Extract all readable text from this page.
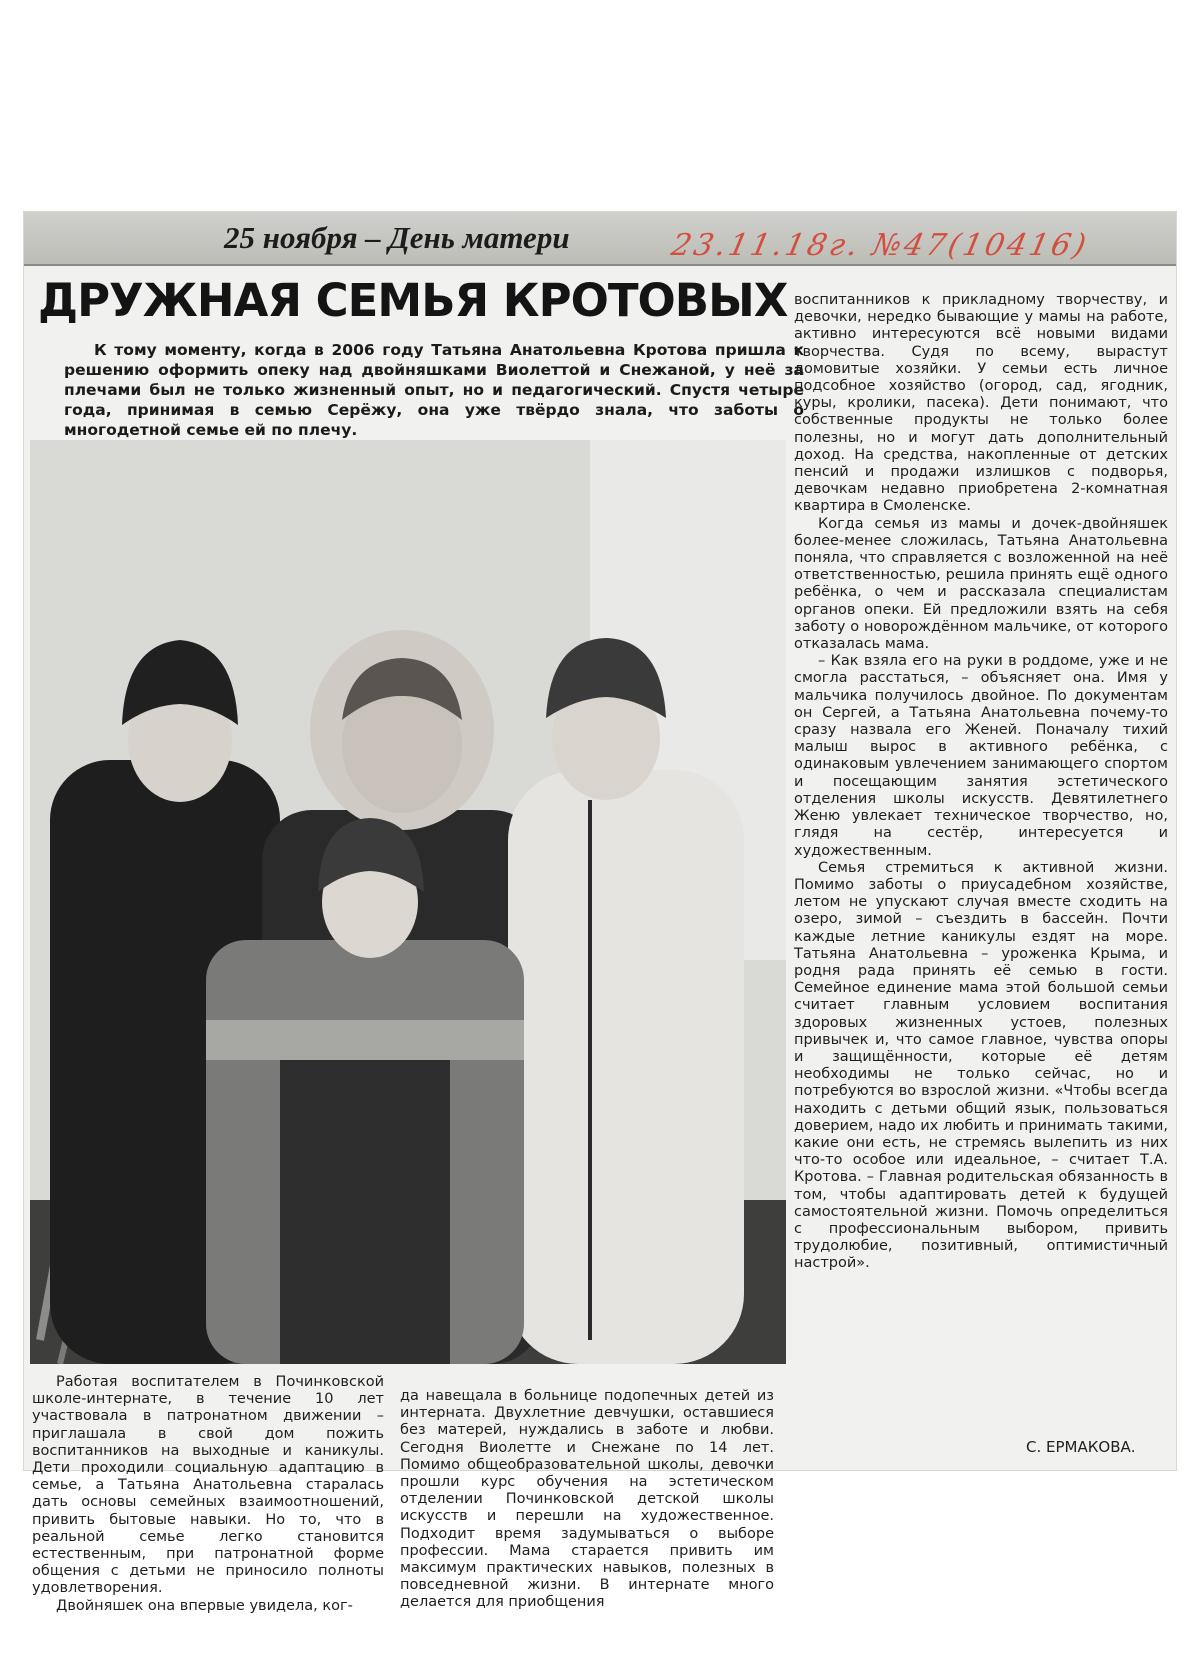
25 ноября – День матери	23.11.18г. №47(10416)
ДРУЖНАЯ СЕМЬЯ КРОТОВЫХ

К тому моменту, когда в 2006 году Татьяна Анатольевна Кротова пришла к решению оформить опеку над двойняшками Виолеттой и Снежаной, у неё за плечами был не только жизненный опыт, но и педагогический. Спустя четыре года, принимая в семью Серёжу, она уже твёрдо знала, что заботы о многодетной семье ей по плечу.

воспитанников к прикладному творчеству, и девочки, нередко бывающие у мамы на работе, активно интересуются всё новыми видами творчества. Судя по всему, вырастут домовитые хозяйки. У семьи есть личное подсобное хозяйство (огород, сад, ягодник, куры, кролики, пасека). Дети понимают, что собственные продукты не только более полезны, но и могут дать дополнительный доход. На средства, накопленные от детских пенсий и продажи излишков с подворья, девочкам недавно приобретена 2-комнатная квартира в Смоленске.

Когда семья из мамы и дочек-двойняшек более-менее сложилась, Татьяна Анатольевна поняла, что справляется с возложенной на неё ответственностью, решила принять ещё одного ребёнка, о чем и рассказала специалистам органов опеки. Ей предложили взять на себя заботу о новорождённом мальчике, от которого отказалась мама.

– Как взяла его на руки в роддоме, уже и не смогла расстаться, – объясняет она. Имя у мальчика получилось двойное. По документам он Сергей, а Татьяна Анатольевна почему-то сразу назвала его Женей. Поначалу тихий малыш вырос в активного ребёнка, с одинаковым увлечением занимающего спортом и посещающим занятия эстетического отделения школы искусств. Девятилетнего Женю увлекает техническое творчество, но, глядя на сестёр, интересуется и художественным.

Семья стремиться к активной жизни. Помимо заботы о приусадебном хозяйстве, летом не упускают случая вместе сходить на озеро, зимой – съездить в бассейн. Почти каждые летние каникулы ездят на море. Татьяна Анатольевна – уроженка Крыма, и родня рада принять её семью в гости. Семейное единение мама этой большой семьи считает главным условием воспитания здоровых жизненных устоев, полезных привычек и, что самое главное, чувства опоры и защищённости, которые её детям необходимы не только сейчас, но и потребуются во взрослой жизни. «Чтобы всегда находить с детьми общий язык, пользоваться доверием, надо их любить и принимать такими, какие они есть, не стремясь вылепить из них что-то особое или идеальное, – считает Т.А. Кротова. – Главная родительская обязанность в том, чтобы адаптировать детей к будущей самостоятельной жизни. Помочь определиться с профессиональным выбором, привить трудолюбие, позитивный, оптимистичный настрой».

Работая воспитателем в Починковской школе-интернате, в течение 10 лет участвовала в патронатном движении – приглашала в свой дом пожить воспитанников на выходные и каникулы. Дети проходили социальную адаптацию в семье, а Татьяна Анатольевна старалась дать основы семейных взаимоотношений, привить бытовые навыки. Но то, что в реальной семье легко становится естественным, при патронатной форме общения с детьми не приносило полноты удовлетворения.

Двойняшек она впервые увидела, ког-

да навещала в больнице подопечных детей из интерната. Двухлетние девчушки, оставшиеся без матерей, нуждались в заботе и любви. Сегодня Виолетте и Снежане по 14 лет. Помимо общеобразовательной школы, девочки прошли курс обучения на эстетическом отделении Починковской детской школы искусств и перешли на художественное. Подходит время задумываться о выборе профессии. Мама старается привить им максимум практических навыков, полезных в повседневной жизни. В интернате много делается для приобщения

С. ЕРМАКОВА.
